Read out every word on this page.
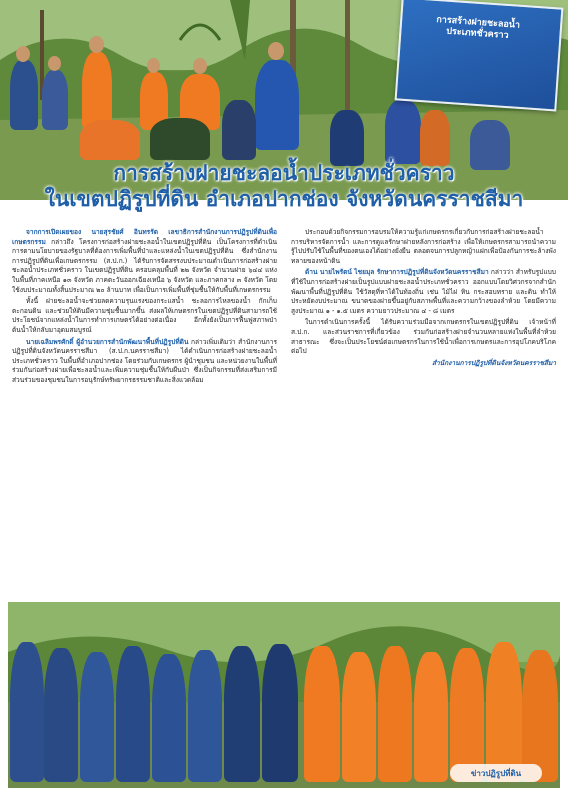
การสร้างฝายชะลอน้ำ
ประเภทชั่วคราว
การสร้างฝายชะลอน้ำประเภทชั่วคราว
ในเขตปฏิรูปที่ดิน อำเภอปากช่อง จังหวัดนครราชสีมา

จากการเปิดเผยของ นายสุรชัยศ์ อินทรรัต เลขาธิการสำนักงานการปฏิรูปที่ดินเพื่อเกษตรกรรม กล่าวถึง โครงการก่อสร้างฝายชะลอน้ำในเขตปฏิรูปที่ดิน เป็นโครงการที่ดำเนินการตามนโยบายของรัฐบาลที่ต้องการเพิ่มพื้นที่ป่าและแหล่งน้ำในเขตปฏิรูปที่ดิน ซึ่งสำนักงานการปฏิรูปที่ดินเพื่อเกษตรกรรม (ส.ป.ก.) ได้รับการจัดสรรงบประมาณดำเนินการก่อสร้างฝายชะลอน้ำประเภทชั่วคราว ในเขตปฏิรูปที่ดิน ครอบคลุมพื้นที่ ๒๒ จังหวัด จำนวนฝาย ๖๔๔ แห่ง ในพื้นที่ภาคเหนือ ๑๓ จังหวัด ภาคตะวันออกเฉียงเหนือ ๖ จังหวัด และภาคกลาง ๓ จังหวัด โดยใช้งบประมาณทั้งสิ้นประมาณ ๒๐ ล้านบาท เพื่อเป็นการเพิ่มพื้นที่ชุ่มชื้นให้กับพื้นที่เกษตรกรรม

ทั้งนี้ ฝายชะลอน้ำจะช่วยลดความรุนแรงของกระแสน้ำ ชะลอการไหลของน้ำ กักเก็บตะกอนดิน และช่วยให้ดินมีความชุ่มชื้นมากขึ้น ส่งผลให้เกษตรกรในเขตปฏิรูปที่ดินสามารถใช้ประโยชน์จากแหล่งน้ำในการทำการเกษตรได้อย่างต่อเนื่อง อีกทั้งยังเป็นการฟื้นฟูสภาพป่าต้นน้ำให้กลับมาอุดมสมบูรณ์

นายเฉลิมพรศักดิ์ ผู้อำนวยการสำนักพัฒนาพื้นที่ปฏิรูปที่ดิน กล่าวเพิ่มเติมว่า สำนักงานการปฏิรูปที่ดินจังหวัดนครราชสีมา (ส.ป.ก.นครราชสีมา) ได้ดำเนินการก่อสร้างฝายชะลอน้ำประเภทชั่วคราว ในพื้นที่อำเภอปากช่อง โดยร่วมกับเกษตรกร ผู้นำชุมชน และหน่วยงานในพื้นที่ ร่วมกันก่อสร้างฝายเพื่อชะลอน้ำและเพิ่มความชุ่มชื้นให้กับผืนป่า ซึ่งเป็นกิจกรรมที่ส่งเสริมการมีส่วนร่วมของชุมชนในการอนุรักษ์ทรัพยากรธรรมชาติและสิ่งแวดล้อม

ประกอบด้วยกิจกรรมการอบรมให้ความรู้แก่เกษตรกรเกี่ยวกับการก่อสร้างฝายชะลอน้ำ การบริหารจัดการน้ำ และการดูแลรักษาฝายหลังการก่อสร้าง เพื่อให้เกษตรกรสามารถนำความรู้ไปปรับใช้ในพื้นที่ของตนเองได้อย่างยั่งยืน ตลอดจนการปลูกหญ้าแฝกเพื่อป้องกันการชะล้างพังทลายของหน้าดิน

ด้าน นายไพรัตน์ ไชยมุล รักษาการปฏิรูปที่ดินจังหวัดนครราชสีมา กล่าวว่า สำหรับรูปแบบที่ใช้ในการก่อสร้างฝายเป็นรูปแบบฝายชะลอน้ำประเภทชั่วคราว ออกแบบโดยวิศวกรจากสำนักพัฒนาพื้นที่ปฏิรูปที่ดิน ใช้วัสดุที่หาได้ในท้องถิ่น เช่น ไม้ไผ่ หิน กระสอบทราย และดิน ทำให้ประหยัดงบประมาณ ขนาดของฝายขึ้นอยู่กับสภาพพื้นที่และความกว้างของลำห้วย โดยมีความสูงประมาณ ๑ - ๑.๕ เมตร ความยาวประมาณ ๔ - ๘ เมตร

ในการดำเนินการครั้งนี้ ได้รับความร่วมมือจากเกษตรกรในเขตปฏิรูปที่ดิน เจ้าหน้าที่ ส.ป.ก. และส่วนราชการที่เกี่ยวข้อง ร่วมกันก่อสร้างฝายจำนวนหลายแห่งในพื้นที่ลำห้วยสาธารณะ ซึ่งจะเป็นประโยชน์ต่อเกษตรกรในการใช้น้ำเพื่อการเกษตรและการอุปโภคบริโภคต่อไป

สำนักงานการปฏิรูปที่ดินจังหวัดนครราชสีมา
ข่าวปฏิรูปที่ดิน
